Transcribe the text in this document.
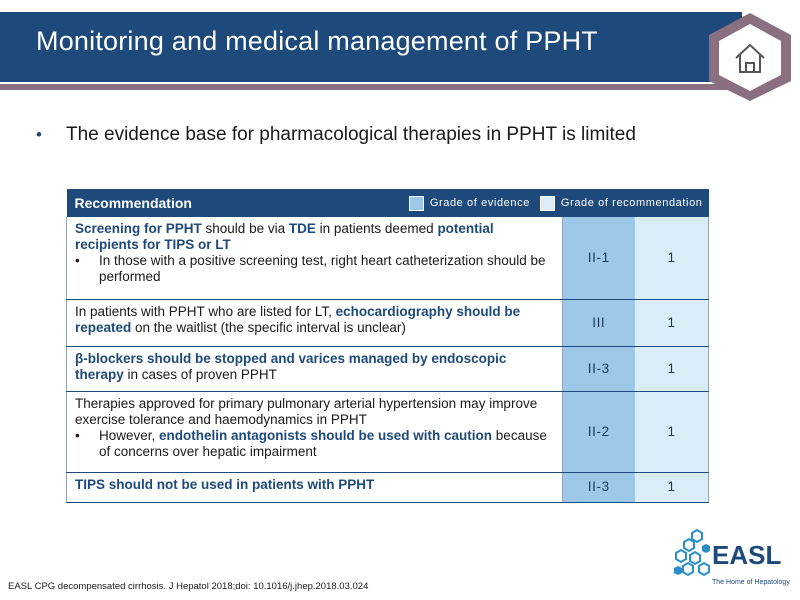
Monitoring and medical management of PPHT
• The evidence base for pharmacological therapies in PPHT is limited
Recommendation Grade of evidence Grade of recommendation		

Screening for PPHT should be via TDE in patients deemed potential recipients for TIPS or LT
• In those with a positive screening test, right heart catheterization should be performed	II-1	1
In patients with PPHT who are listed for LT, echocardiography should be repeated on the waitlist (the specific interval is unclear)	III	1
β-blockers should be stopped and varices managed by endoscopic therapy in cases of proven PPHT	II-3	1

Therapies approved for primary pulmonary arterial hypertension may improve exercise tolerance and haemodynamics in PPHT
• However, endothelin antagonists should be used with caution because of concerns over hepatic impairment	II-2	1
TIPS should not be used in patients with PPHT	II-3	1
EASL CPG decompensated cirrhosis. J Hepatol 2018;doi: 10.1016/j.jhep.2018.03.024
EASL
The Home of Hepatology
